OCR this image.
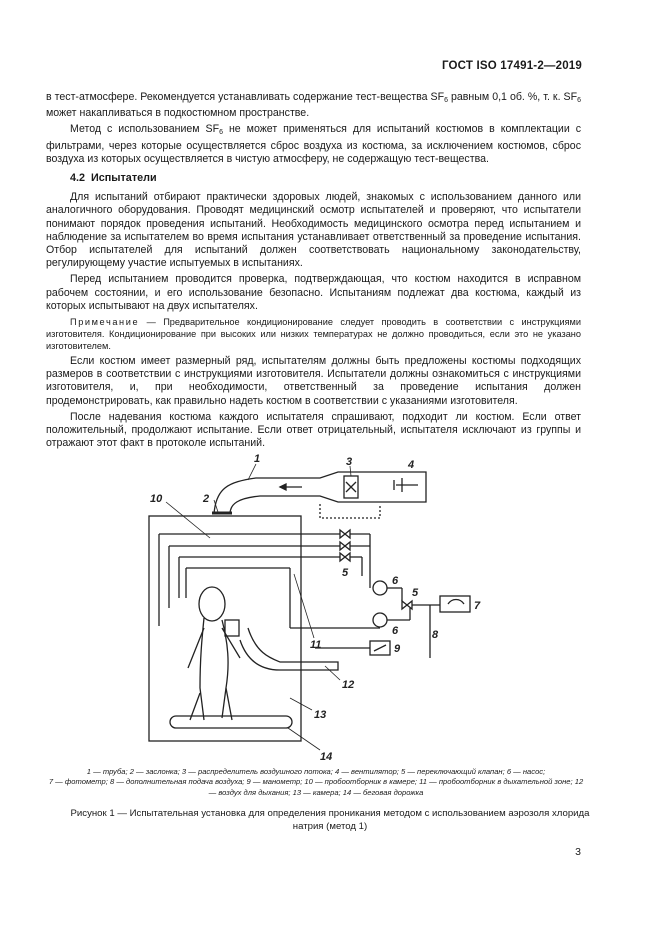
ГОСТ ISO 17491-2—2019

в тест-атмосфере. Рекомендуется устанавливать содержание тест-вещества $SF_6$ равным 0,1 об. %, т. к. $SF_6$ может накапливаться в подкостюмном пространстве.

Метод с использованием $SF_6$ не может применяться для испытаний костюмов в комплектации с фильтрами, через которые осуществляется сброс воздуха из костюма, за исключением костюмов, сброс воздуха из которых осуществляется в чистую атмосферу, не содержащую тест-вещества.

4.2 Испытатели

Для испытаний отбирают практически здоровых людей, знакомых с использованием данного или аналогичного оборудования. Проводят медицинский осмотр испытателей и проверяют, что испытатели понимают порядок проведения испытаний. Необходимость медицинского осмотра перед испытанием и наблюдение за испытателем во время испытания устанавливает ответственный за проведение испытания. Отбор испытателей для испытаний должен соответствовать национальному законодательству, регулирующему участие испытуемых в испытаниях.

Перед испытанием проводится проверка, подтверждающая, что костюм находится в исправном рабочем состоянии, и его использование безопасно. Испытаниям подлежат два костюма, каждый из которых испытывают на двух испытателях.

Примечание — Предварительное кондиционирование следует проводить в соответствии с инструкциями изготовителя. Кондиционирование при высоких или низких температурах не должно проводиться, если это не указано изготовителем.

Если костюм имеет размерный ряд, испытателям должны быть предложены костюмы подходящих размеров в соответствии с инструкциями изготовителя. Испытатели должны ознакомиться с инструкциями изготовителя, и, при необходимости, ответственный за проведение испытания должен продемонстрировать, как правильно надеть костюм в соответствии с указаниями изготовителя.

После надевания костюма каждого испытателя спрашивают, подходит ли костюм. Если ответ положительный, продолжают испытание. Если ответ отрицательный, испытателя исключают из группы и отражают этот факт в протоколе испытаний.

1
2
3	4
5
5
6
6
7
8
9
10
11
12
13
14
1 — труба; 2 — заслонка; 3 — распределитель воздушного потока; 4 — вентилятор; 5 — переключающий клапан; 6 — насос;
7 — фотометр; 8 — дополнительная подача воздуха; 9 — манометр; 10 — пробоотборник в камере; 11 — пробоотборник в дыхательной зоне; 12 — воздух для дыхания; 13 — камера; 14 — беговая дорожка
Рисунок 1 — Испытательная установка для определения проникания методом с использованием аэрозоля хлорида натрия (метод 1)
3
